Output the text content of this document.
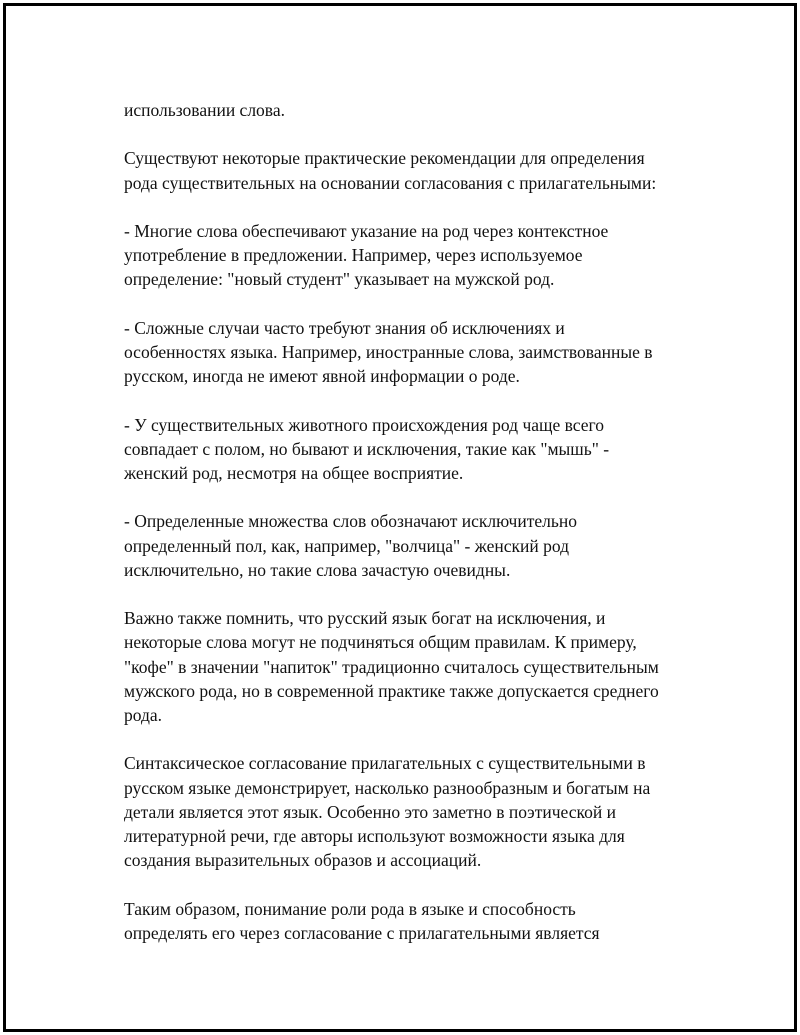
использовании слова.

Существуют некоторые практические рекомендации для определения
рода существительных на основании согласования с прилагательными:

- Многие слова обеспечивают указание на род через контекстное
употребление в предложении. Например, через используемое
определение: "новый студент" указывает на мужской род.

- Сложные случаи часто требуют знания об исключениях и
особенностях языка. Например, иностранные слова, заимствованные в
русском, иногда не имеют явной информации о роде.

- У существительных животного происхождения род чаще всего
совпадает с полом, но бывают и исключения, такие как "мышь" -
женский род, несмотря на общее восприятие.

- Определенные множества слов обозначают исключительно
определенный пол, как, например, "волчица" - женский род
исключительно, но такие слова зачастую очевидны.

Важно также помнить, что русский язык богат на исключения, и
некоторые слова могут не подчиняться общим правилам. К примеру,
"кофе" в значении "напиток" традиционно считалось существительным
мужского рода, но в современной практике также допускается среднего
рода.

Синтаксическое согласование прилагательных с существительными в
русском языке демонстрирует, насколько разнообразным и богатым на
детали является этот язык. Особенно это заметно в поэтической и
литературной речи, где авторы используют возможности языка для
создания выразительных образов и ассоциаций.

Таким образом, понимание роли рода в языке и способность
определять его через согласование с прилагательными является
